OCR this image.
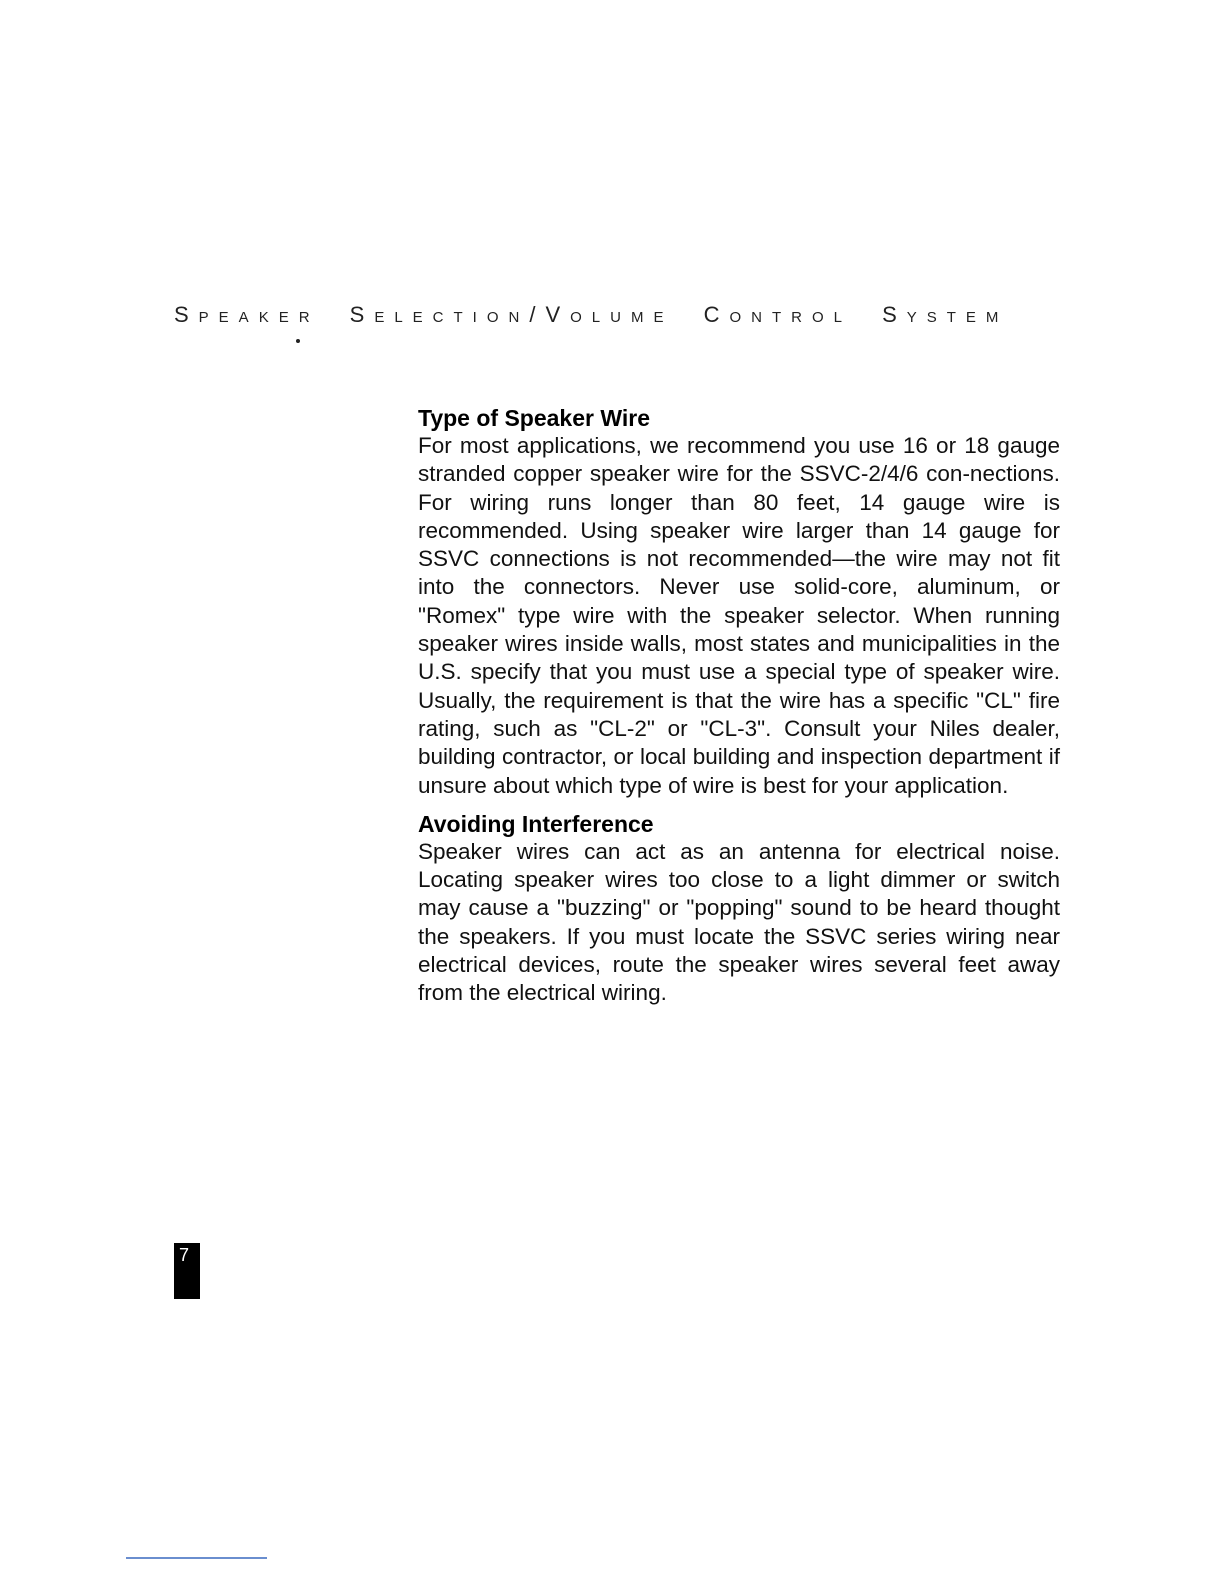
Speaker Selection/Volume Control System
Type of Speaker Wire

For most applications, we recommend you use 16 or 18 gauge stranded copper speaker wire for the SSVC-2/4/6 con-nections. For wiring runs longer than 80 feet, 14 gauge wire is recommended. Using speaker wire larger than 14 gauge for SSVC connections is not recommended—the wire may not fit into the connectors. Never use solid-core, aluminum, or "Romex" type wire with the speaker selector. When running speaker wires inside walls, most states and municipalities in the U.S. specify that you must use a special type of speaker wire. Usually, the requirement is that the wire has a specific "CL" fire rating, such as "CL-2" or "CL-3". Consult your Niles dealer, building contractor, or local building and inspection department if unsure about which type of wire is best for your application.

Avoiding Interference

Speaker wires can act as an antenna for electrical noise. Locating speaker wires too close to a light dimmer or switch may cause a "buzzing" or "popping" sound to be heard thought the speakers. If you must locate the SSVC series wiring near electrical devices, route the speaker wires several feet away from the electrical wiring.

7
